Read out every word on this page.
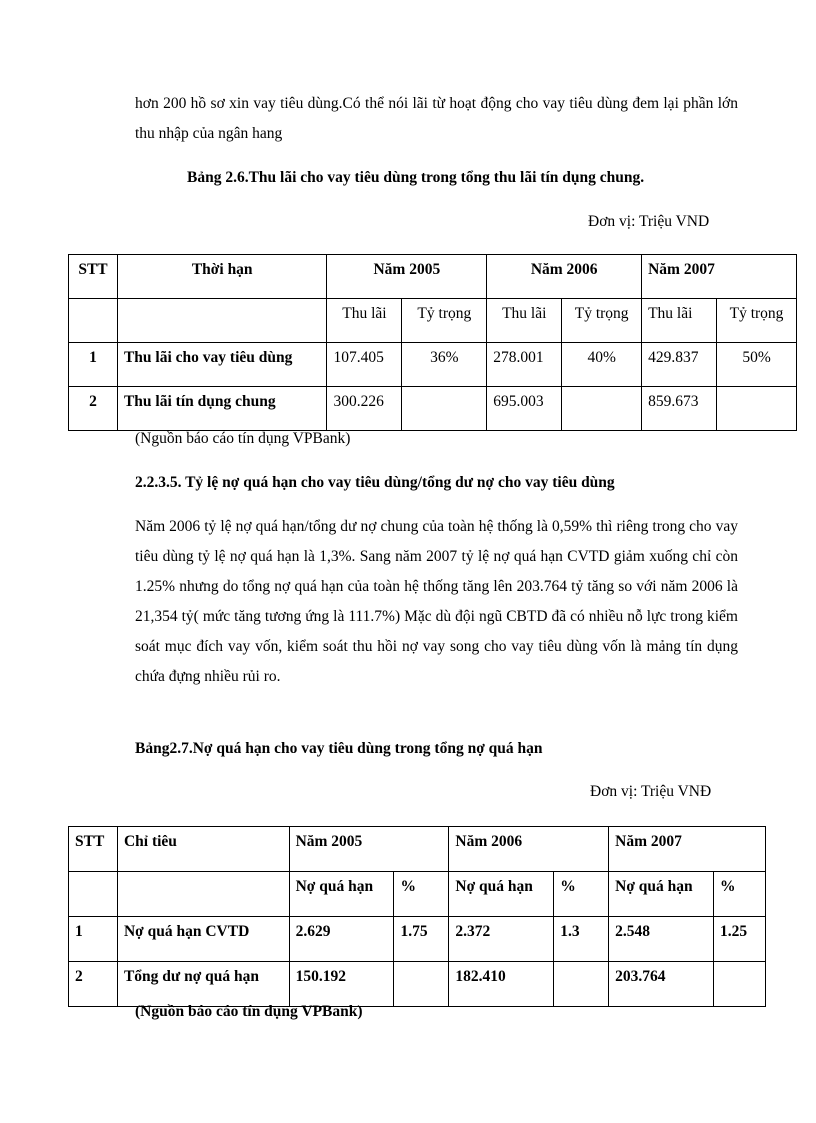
hơn 200 hồ sơ xin vay tiêu dùng.Có thể nói lãi từ hoạt động cho vay tiêu dùng đem lại phần lớn thu nhập của ngân hang

Bảng 2.6.Thu lãi cho vay tiêu dùng trong tổng thu lãi tín dụng chung.
Đơn vị: Triệu VND
STT	Thời hạn	Năm 2005		Năm 2006		Năm 2007	
		Thu lãi	Tỷ trọng	Thu lãi	Tỷ trọng	Thu lãi	Tỷ trọng
1	Thu lãi cho vay tiêu dùng	107.405	36%	278.001	40%	429.837	50%
2	Thu lãi tín dụng chung	300.226		695.003		859.673	
(Nguồn báo cáo tín dụng VPBank)
2.2.3.5. Tỷ lệ nợ quá hạn cho vay tiêu dùng/tổng dư nợ cho vay tiêu dùng

Năm 2006 tỷ lệ nợ quá hạn/tổng dư nợ chung của toàn hệ thống là 0,59% thì riêng trong cho vay tiêu dùng tỷ lệ nợ quá hạn là 1,3%. Sang năm 2007 tỷ lệ nợ quá hạn CVTD giảm xuống chỉ còn 1.25% nhưng do tổng nợ quá hạn của toàn hệ thống tăng lên 203.764 tỷ tăng so với năm 2006 là 21,354 tỷ( mức tăng tương ứng là 111.7%) Mặc dù đội ngũ CBTD đã có nhiều nỗ lực trong kiểm soát mục đích vay vốn, kiểm soát thu hồi nợ vay song cho vay tiêu dùng vốn là mảng tín dụng chứa đựng nhiều rủi ro.

Bảng2.7.Nợ quá hạn cho vay tiêu dùng trong tổng nợ quá hạn
Đơn vị: Triệu VNĐ
STT	Chỉ tiêu	Năm 2005		Năm 2006		Năm 2007	
		Nợ quá hạn	%	Nợ quá hạn	%	Nợ quá hạn	%
1	Nợ quá hạn CVTD	2.629	1.75	2.372	1.3	2.548	1.25
2	Tổng dư nợ quá hạn	150.192		182.410		203.764	
(Nguồn báo cáo tín dụng VPBank)
